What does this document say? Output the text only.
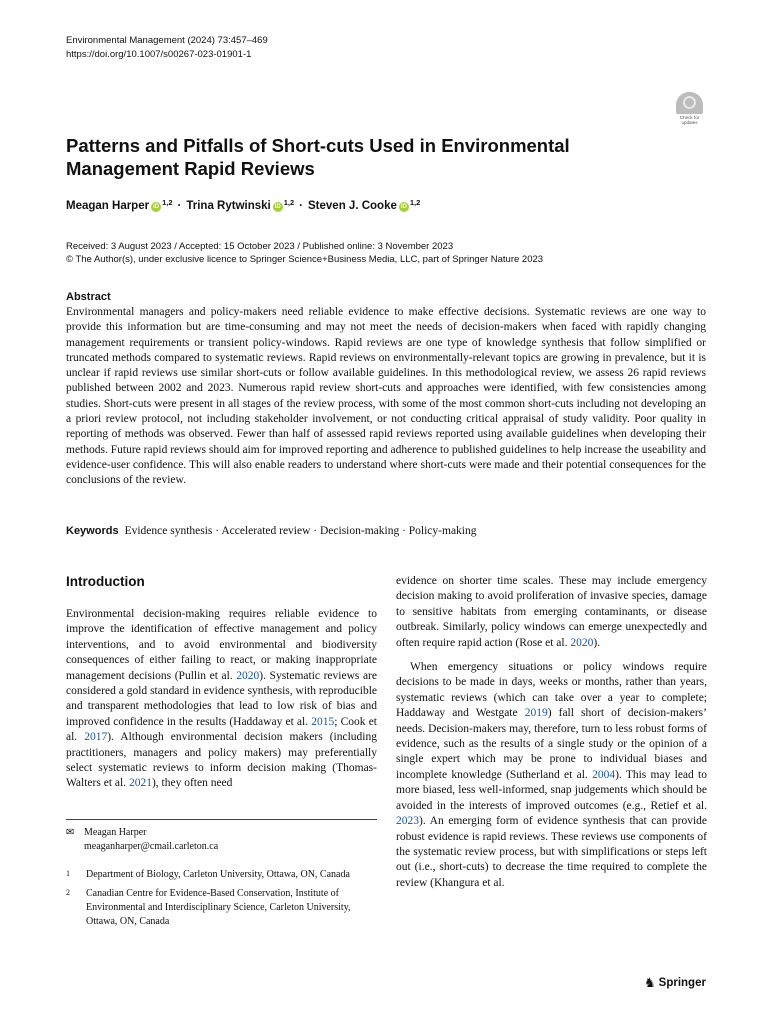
Environmental Management (2024) 73:457–469
https://doi.org/10.1007/s00267-023-01901-1
Check for updates
Patterns and Pitfalls of Short-cuts Used in Environmental Management Rapid Reviews
Meagan Harper iD $^{1,2}$ · Trina Rytwinski iD $^{1,2}$ · Steven J. Cooke iD $^{1,2}$
Received: 3 August 2023 / Accepted: 15 October 2023 / Published online: 3 November 2023
© The Author(s), under exclusive licence to Springer Science+Business Media, LLC, part of Springer Nature 2023
Abstract

Environmental managers and policy-makers need reliable evidence to make effective decisions. Systematic reviews are one way to provide this information but are time-consuming and may not meet the needs of decision-makers when faced with rapidly changing management requirements or transient policy-windows. Rapid reviews are one type of knowledge synthesis that follow simplified or truncated methods compared to systematic reviews. Rapid reviews on environmentally-relevant topics are growing in prevalence, but it is unclear if rapid reviews use similar short-cuts or follow available guidelines. In this methodological review, we assess 26 rapid reviews published between 2002 and 2023. Numerous rapid review short-cuts and approaches were identified, with few consistencies among studies. Short-cuts were present in all stages of the review process, with some of the most common short-cuts including not developing an a priori review protocol, not including stakeholder involvement, or not conducting critical appraisal of study validity. Poor quality in reporting of methods was observed. Fewer than half of assessed rapid reviews reported using available guidelines when developing their methods. Future rapid reviews should aim for improved reporting and adherence to published guidelines to help increase the useability and evidence-user confidence. This will also enable readers to understand where short-cuts were made and their potential consequences for the conclusions of the review.

Keywords Evidence synthesis · Accelerated review · Decision-making · Policy-making
Introduction

Environmental decision-making requires reliable evidence to improve the identification of effective management and policy interventions, and to avoid environmental and biodiversity consequences of either failing to react, or making inappropriate management decisions (Pullin et al. 2020). Systematic reviews are considered a gold standard in evidence synthesis, with reproducible and transparent methodologies that lead to low risk of bias and improved confidence in the results (Haddaway et al. 2015; Cook et al. 2017). Although environmental decision makers (including practitioners, managers and policy makers) may preferentially select systematic reviews to inform decision making (Thomas-Walters et al. 2021), they often need

✉ Meagan Harper
meaganharper@cmail.carleton.ca
1	Department of Biology, Carleton University, Ottawa, ON, Canada
2	Canadian Centre for Evidence-Based Conservation, Institute of Environmental and Interdisciplinary Science, Carleton University, Ottawa, ON, Canada

evidence on shorter time scales. These may include emergency decision making to avoid proliferation of invasive species, damage to sensitive habitats from emerging contaminants, or disease outbreak. Similarly, policy windows can emerge unexpectedly and often require rapid action (Rose et al. 2020).

When emergency situations or policy windows require decisions to be made in days, weeks or months, rather than years, systematic reviews (which can take over a year to complete; Haddaway and Westgate 2019) fall short of decision-makers’ needs. Decision-makers may, therefore, turn to less robust forms of evidence, such as the results of a single study or the opinion of a single expert which may be prone to individual biases and incomplete knowledge (Sutherland et al. 2004). This may lead to more biased, less well-informed, snap judgements which should be avoided in the interests of improved outcomes (e.g., Retief et al. 2023). An emerging form of evidence synthesis that can provide robust evidence is rapid reviews. These reviews use components of the systematic review process, but with simplifications or steps left out (i.e., short-cuts) to decrease the time required to complete the review (Khangura et al.

♞ Springer
